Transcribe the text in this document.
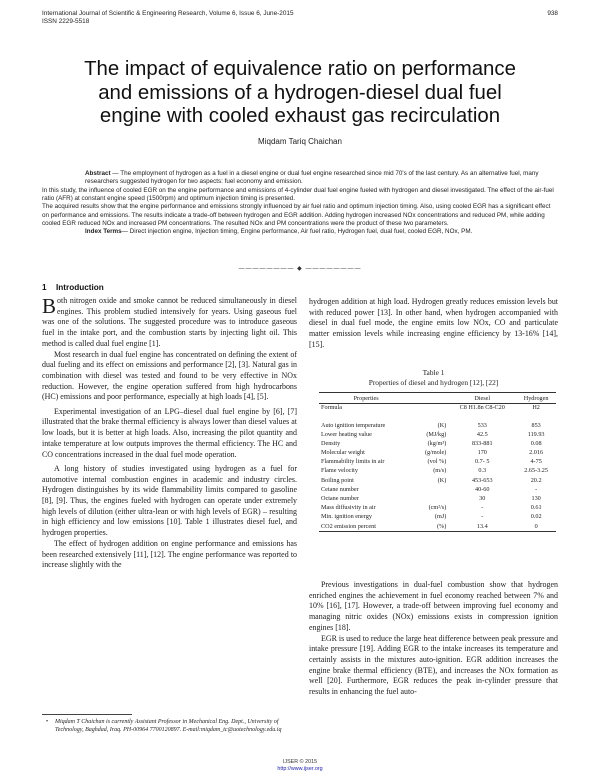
International Journal of Scientific & Engineering Research, Volume 6, Issue 6, June-2015
ISSN 2229-5518
938
The impact of equivalence ratio on performance
and emissions of a hydrogen-diesel dual fuel
engine with cooled exhaust gas recirculation
Miqdam Tariq Chaichan

Abstract — The employment of hydrogen as a fuel in a diesel engine or dual fuel engine researched since mid 70's of the last century. As an alternative fuel, many researchers suggested hydrogen for two aspects: fuel economy and emission.

In this study, the influence of cooled EGR on the engine performance and emissions of 4-cylinder dual fuel engine fueled with hydrogen and diesel investigated. The effect of the air-fuel ratio (AFR) at constant engine speed (1500rpm) and optimum injection timing is presented.

The acquired results show that the engine performance and emissions strongly influenced by air fuel ratio and optimum injection timing. Also, using cooled EGR has a significant effect on performance and emissions. The results indicate a trade-off between hydrogen and EGR addition. Adding hydrogen increased NOx concentrations and reduced PM, while adding cooled EGR reduced NOx and increased PM concentrations. The resulted NOx and PM concentrations were the product of these two parameters.

Index Terms— Direct injection engine, Injection timing, Engine performance, Air fuel ratio, Hydrogen fuel, dual fuel, cooled EGR, NOx, PM.

———————— ◆ ————————
1 Introduction

Both nitrogen oxide and smoke cannot be reduced simultaneously in diesel engines. This problem studied intensively for years. Using gaseous fuel was one of the solutions. The suggested procedure was to introduce gaseous fuel in the intake port, and the combustion starts by injecting light oil. This method is called dual fuel engine [1].

Most research in dual fuel engine has concentrated on defining the extent of dual fueling and its effect on emissions and performance [2], [3]. Natural gas in combination with diesel was tested and found to be very effective in NOx reduction. However, the engine operation suffered from high hydrocarbons (HC) emissions and poor performance, especially at high loads [4], [5].

Experimental investigation of an LPG–diesel dual fuel engine by [6], [7] illustrated that the brake thermal efficiency is always lower than diesel values at low loads, but it is better at high loads. Also, increasing the pilot quantity and intake temperature at low outputs improves the thermal efficiency. The HC and CO concentrations increased in the dual fuel mode operation.

A long history of studies investigated using hydrogen as a fuel for automotive internal combustion engines in academic and industry circles. Hydrogen distinguishes by its wide flammability limits compared to gasoline [8], [9]. Thus, the engines fueled with hydrogen can operate under extremely high levels of dilution (either ultra-lean or with high levels of EGR) – resulting in high efficiency and low emissions [10]. Table 1 illustrates diesel fuel, and hydrogen properties.

The effect of hydrogen addition on engine performance and emissions has been researched extensively [11], [12]. The engine performance was reported to increase slightly with the

hydrogen addition at high load. Hydrogen greatly reduces emission levels but with reduced power [13]. In other hand, when hydrogen accompanied with diesel in dual fuel mode, the engine emits low NOx, CO and particulate matter emission levels while increasing engine efficiency by 13-16% [14], [15].

Table 1
Properties of diesel and hydrogen [12], [22]
Properties		Diesel	Hydrogen
Formula		C8 H1.8n C8-C20	H2
Auto ignition temperature	(K)	533	853
Lower heating value	(MJ/kg)	42.5	119.93
Density	(kg/m³)	833-881	0.08
Molecular weight	(g/mole)	170	2.016
Flammability limits in air	(vol %)	0.7- 5	4-75
Flame velocity	(m/s)	0.3	2.65-3.25
Boiling point	(K)	453-653	20.2
Cetane number		40-60	-
Octane number		30	130
Mass diffusivity in air	(cm²/s)	-	0.61
Min. ignition energy	(mJ)	-	0.02
CO2 emission percent	(%)	13.4	0

Previous investigations in dual-fuel combustion show that hydrogen enriched engines the achievement in fuel economy reached between 7% and 10% [16], [17]. However, a trade-off between improving fuel economy and managing nitric oxides (NOx) emissions exists in compression ignition engines [18].

EGR is used to reduce the large heat difference between peak pressure and intake pressure [19]. Adding EGR to the intake increases its temperature and certainly assists in the mixtures auto-ignition. EGR addition increases the engine brake thermal efficiency (BTE), and increases the NOx formation as well [20]. Furthermore, EGR reduces the peak in-cylinder pressure that results in enhancing the fuel auto-

• Miqdam T Chaichan is currently Assistant Professor in Mechanical Eng. Dept., University of Technology, Baghdad, Iraq. PH-00964 7700120897. E-mail:miqdam_tc@uotechnology.edu.iq
IJSER © 2015
http://www.ijser.org
